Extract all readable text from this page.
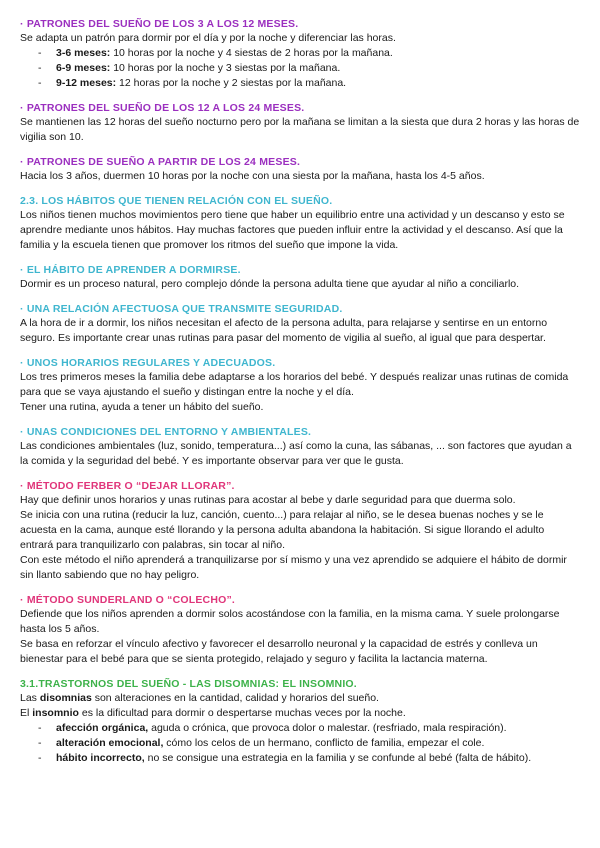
· PATRONES DEL SUEÑO DE LOS 3 A LOS 12 MESES.

Se adapta un patrón para dormir por el día y por la noche y diferenciar las horas.

- 3-6 meses: 10 horas por la noche y 4 siestas de 2 horas por la mañana.
- 6-9 meses: 10 horas por la noche y 3 siestas por la mañana.
- 9-12 meses: 12 horas por la noche y 2 siestas por la mañana.

· PATRONES DEL SUEÑO DE LOS 12 A LOS 24 MESES.

Se mantienen las 12 horas del sueño nocturno pero por la mañana se limitan a la siesta que dura 2 horas y las horas de vigilia son 10.

· PATRONES DE SUEÑO A PARTIR DE LOS 24 MESES.

Hacia los 3 años, duermen 10 horas por la noche con una siesta por la mañana, hasta los 4-5 años.

2.3. LOS HÁBITOS QUE TIENEN RELACIÓN CON EL SUEÑO.

Los niños tienen muchos movimientos pero tiene que haber un equilibrio entre una actividad y un descanso y esto se aprendre mediante unos hábitos. Hay muchas factores que pueden influir entre la actividad y el descanso. Así que la familia y la escuela tienen que promover los ritmos del sueño que impone la vida.

· EL HÁBITO DE APRENDER A DORMIRSE.

Dormir es un proceso natural, pero complejo dónde la persona adulta tiene que ayudar al niño a conciliarlo.

· UNA RELACIÓN AFECTUOSA QUE TRANSMITE SEGURIDAD.

A la hora de ir a dormir, los niños necesitan el afecto de la persona adulta, para relajarse y sentirse en un entorno seguro. Es importante crear unas rutinas para pasar del momento de vigilia al sueño, al igual que para despertar.

· UNOS HORARIOS REGULARES Y ADECUADOS.

Los tres primeros meses la familia debe adaptarse a los horarios del bebé. Y después realizar unas rutinas de comida para que se vaya ajustando el sueño y distingan entre la noche y el día.

Tener una rutina, ayuda a tener un hábito del sueño.

· UNAS CONDICIONES DEL ENTORNO Y AMBIENTALES.

Las condiciones ambientales (luz, sonido, temperatura...) así como la cuna, las sábanas, ... son factores que ayudan a la comida y la seguridad del bebé. Y es importante observar para ver que le gusta.

· MÉTODO FERBER O “DEJAR LLORAR”.

Hay que definir unos horarios y unas rutinas para acostar al bebe y darle seguridad para que duerma solo.

Se inicia con una rutina (reducir la luz, canción, cuento...) para relajar al niño, se le desea buenas noches y se le acuesta en la cama, aunque esté llorando y la persona adulta abandona la habitación. Si sigue llorando el adulto entrará para tranquilizarlo con palabras, sin tocar al niño.

Con este método el niño aprenderá a tranquilizarse por sí mismo y una vez aprendido se adquiere el hábito de dormir sin llanto sabiendo que no hay peligro.

· MÉTODO SUNDERLAND O “COLECHO”.

Defiende que los niños aprenden a dormir solos acostándose con la familia, en la misma cama. Y suele prolongarse hasta los 5 años.

Se basa en reforzar el vínculo afectivo y favorecer el desarrollo neuronal y la capacidad de estrés y conlleva un bienestar para el bebé para que se sienta protegido, relajado y seguro y facilita la lactancia materna.

3.1.TRASTORNOS DEL SUEÑO - LAS DISOMNIAS: EL INSOMNIO.

Las disomnias son alteraciones en la cantidad, calidad y horarios del sueño.

El insomnio es la dificultad para dormir o despertarse muchas veces por la noche.

- afección orgánica, aguda o crónica, que provoca dolor o malestar. (resfriado, mala respiración).
- alteración emocional, cómo los celos de un hermano, conflicto de familia, empezar el cole.
- hábito incorrecto, no se consigue una estrategia en la familia y se confunde al bebé (falta de hábito).
